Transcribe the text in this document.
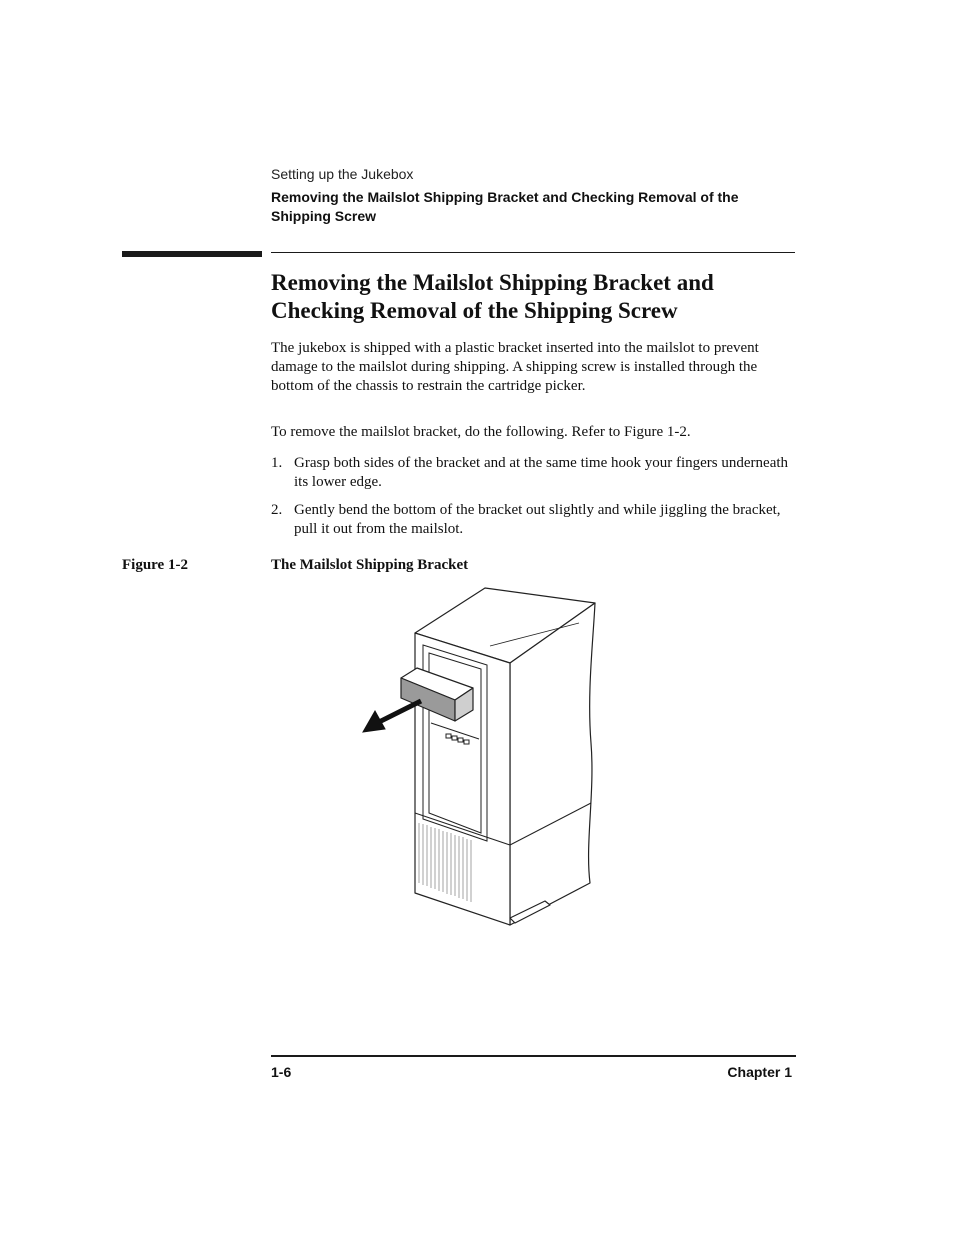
Setting up the Jukebox
Removing the Mailslot Shipping Bracket and Checking Removal of the Shipping Screw
Removing the Mailslot Shipping Bracket and Checking Removal of the Shipping Screw

The jukebox is shipped with a plastic bracket inserted into the mailslot to prevent damage to the mailslot during shipping. A shipping screw is installed through the bottom of the chassis to restrain the cartridge picker.

To remove the mailslot bracket, do the following. Refer to Figure 1-2.

1. Grasp both sides of the bracket and at the same time hook your fingers underneath its lower edge.
2. Gently bend the bottom of the bracket out slightly and while jiggling the bracket, pull it out from the mailslot.
Figure 1-2	The Mailslot Shipping Bracket
1-6	Chapter 1
